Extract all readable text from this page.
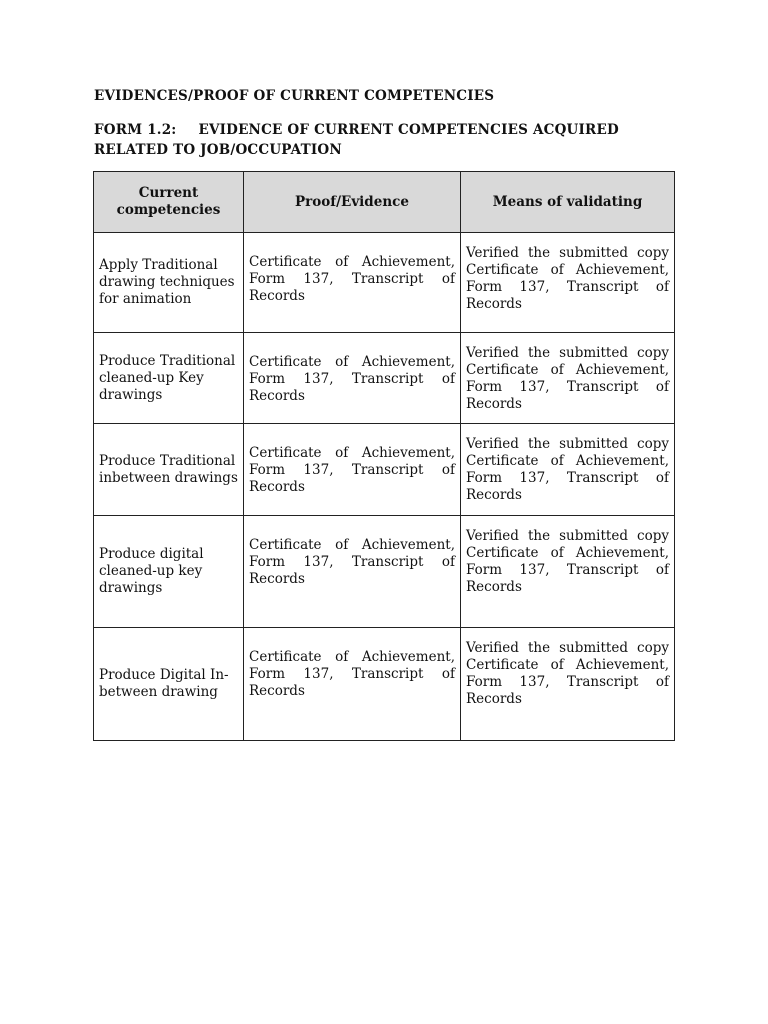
EVIDENCES/PROOF OF CURRENT COMPETENCIES

FORM 1.2: EVIDENCE OF CURRENT COMPETENCIES ACQUIRED RELATED TO JOB/OCCUPATION

Current competencies	Proof/Evidence	Means of validating
Apply Traditional drawing techniques for animation	Certificate of Achievement, Form 137, Transcript of Records	Verified the submitted copy Certificate of Achievement, Form 137, Transcript of Records
Produce Traditional cleaned-up Key drawings	Certificate of Achievement, Form 137, Transcript of Records	Verified the submitted copy Certificate of Achievement, Form 137, Transcript of Records
Produce Traditional inbetween drawings	Certificate of Achievement, Form 137, Transcript of Records	Verified the submitted copy Certificate of Achievement, Form 137, Transcript of Records
Produce digital cleaned-up key drawings	Certificate of Achievement, Form 137, Transcript of Records	Verified the submitted copy Certificate of Achievement, Form 137, Transcript of Records
Produce Digital In-between drawing	Certificate of Achievement, Form 137, Transcript of Records	Verified the submitted copy Certificate of Achievement, Form 137, Transcript of Records
